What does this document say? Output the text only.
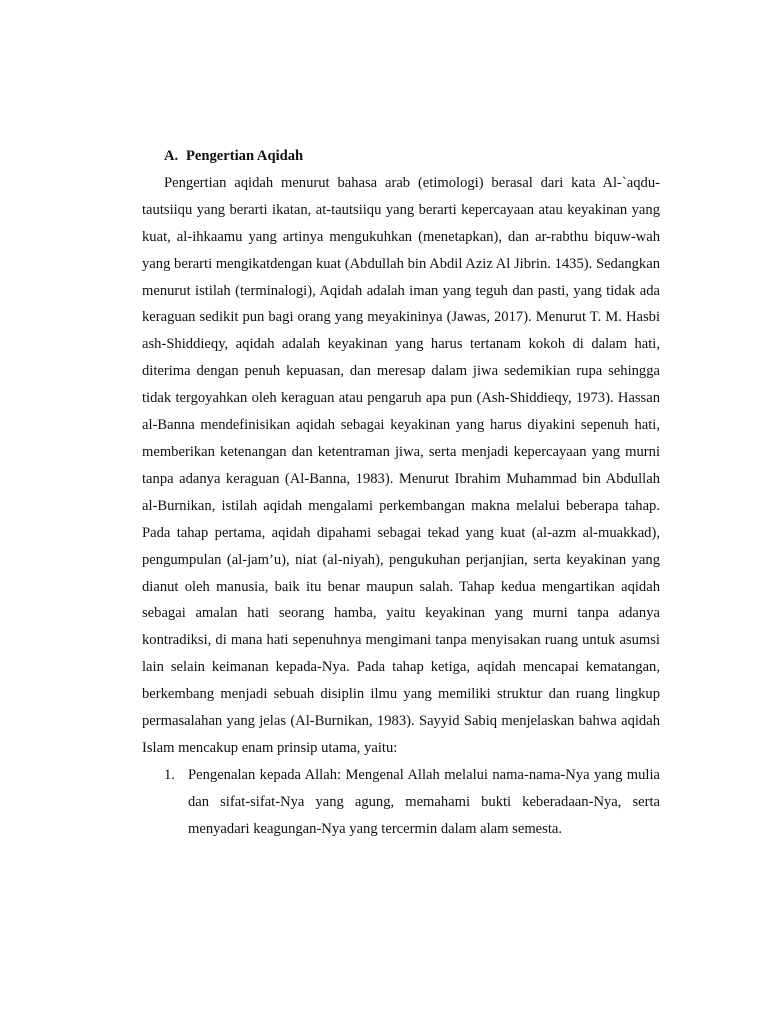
A. Pengertian Aqidah

Pengertian aqidah menurut bahasa arab (etimologi) berasal dari kata Al-`aqdu-tautsiiqu yang berarti ikatan, at-tautsiiqu yang berarti kepercayaan atau keyakinan yang kuat, al-ihkaamu yang artinya mengukuhkan (menetapkan), dan ar-rabthu biquw-wah yang berarti mengikatdengan kuat (Abdullah bin Abdil Aziz Al Jibrin. 1435). Sedangkan menurut istilah (terminalogi), Aqidah adalah iman yang teguh dan pasti, yang tidak ada keraguan sedikit pun bagi orang yang meyakininya (Jawas, 2017). Menurut T. M. Hasbi ash-Shiddieqy, aqidah adalah keyakinan yang harus tertanam kokoh di dalam hati, diterima dengan penuh kepuasan, dan meresap dalam jiwa sedemikian rupa sehingga tidak tergoyahkan oleh keraguan atau pengaruh apa pun (Ash-Shiddieqy, 1973). Hassan al-Banna mendefinisikan aqidah sebagai keyakinan yang harus diyakini sepenuh hati, memberikan ketenangan dan ketentraman jiwa, serta menjadi kepercayaan yang murni tanpa adanya keraguan (Al-Banna, 1983). Menurut Ibrahim Muhammad bin Abdullah al-Burnikan, istilah aqidah mengalami perkembangan makna melalui beberapa tahap. Pada tahap pertama, aqidah dipahami sebagai tekad yang kuat (al-azm al-muakkad), pengumpulan (al-jam’u), niat (al-niyah), pengukuhan perjanjian, serta keyakinan yang dianut oleh manusia, baik itu benar maupun salah. Tahap kedua mengartikan aqidah sebagai amalan hati seorang hamba, yaitu keyakinan yang murni tanpa adanya kontradiksi, di mana hati sepenuhnya mengimani tanpa menyisakan ruang untuk asumsi lain selain keimanan kepada-Nya. Pada tahap ketiga, aqidah mencapai kematangan, berkembang menjadi sebuah disiplin ilmu yang memiliki struktur dan ruang lingkup permasalahan yang jelas (Al-Burnikan, 1983). Sayyid Sabiq menjelaskan bahwa aqidah Islam mencakup enam prinsip utama, yaitu:

1. Pengenalan kepada Allah: Mengenal Allah melalui nama-nama-Nya yang mulia dan sifat-sifat-Nya yang agung, memahami bukti keberadaan-Nya, serta menyadari keagungan-Nya yang tercermin dalam alam semesta.
